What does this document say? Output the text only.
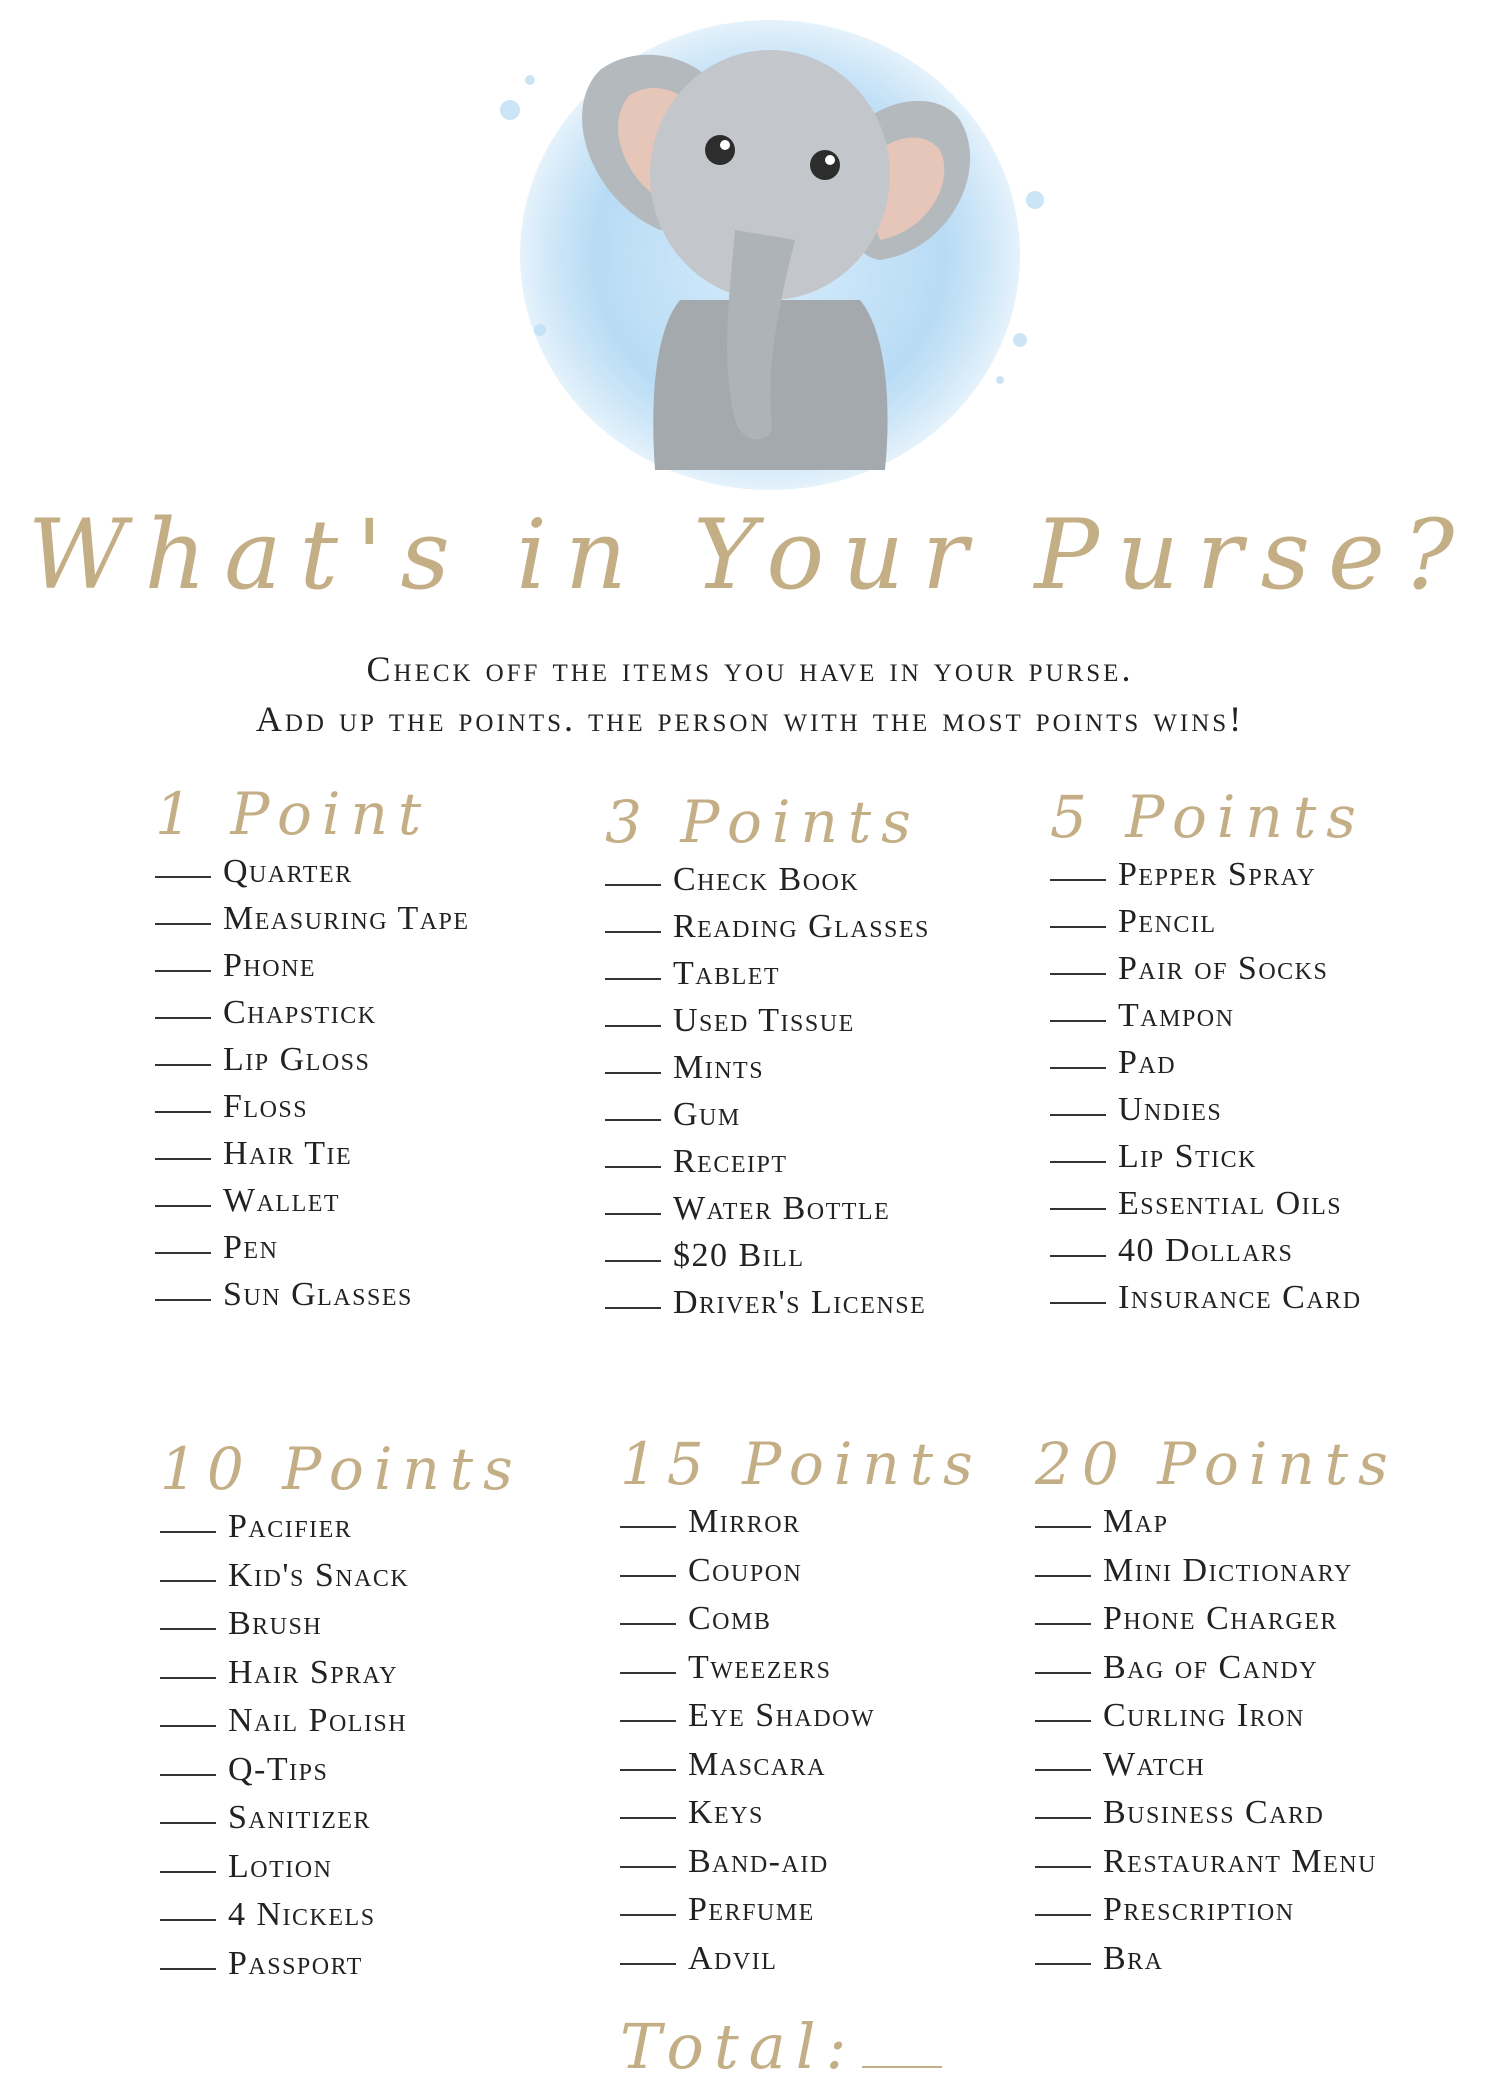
What's in Your Purse?

Check off the items you have in your purse.

Add up the points. the person with the most points wins!

1 Point
Quarter
Measuring Tape
Phone
Chapstick
Lip Gloss
Floss
Hair Tie
Wallet
Pen
Sun Glasses
3 Points
Check Book
Reading Glasses
Tablet
Used Tissue
Mints
Gum
Receipt
Water Bottle
$20 Bill
Driver's License
5 Points
Pepper Spray
Pencil
Pair of Socks
Tampon
Pad
Undies
Lip Stick
Essential Oils
40 Dollars
Insurance Card
10 Points
Pacifier
Kid's Snack
Brush
Hair Spray
Nail Polish
Q-Tips
Sanitizer
Lotion
4 Nickels
Passport
15 Points
Mirror
Coupon
Comb
Tweezers
Eye Shadow
Mascara
Keys
Band-aid
Perfume
Advil
20 Points
Map
Mini Dictionary
Phone Charger
Bag of Candy
Curling Iron
Watch
Business Card
Restaurant Menu
Prescription
Bra
Total:
